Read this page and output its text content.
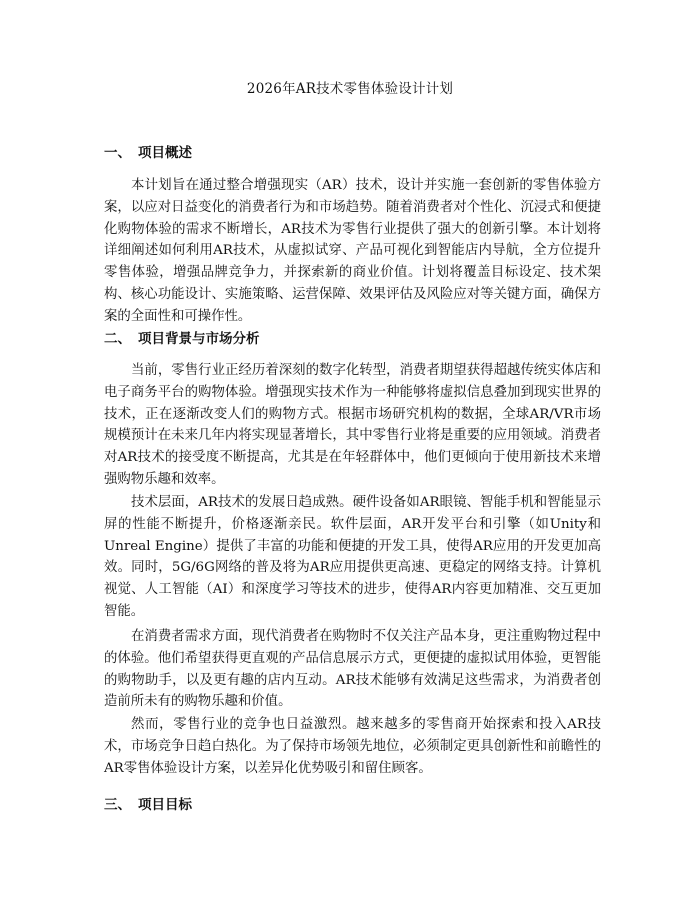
2026年AR技术零售体验设计计划
一、 项目概述

本计划旨在通过整合增强现实（AR）技术，设计并实施一套创新的零售体验方案，以应对日益变化的消费者行为和市场趋势。随着消费者对个性化、沉浸式和便捷化购物体验的需求不断增长，AR技术为零售行业提供了强大的创新引擎。本计划将详细阐述如何利用AR技术，从虚拟试穿、产品可视化到智能店内导航，全方位提升零售体验，增强品牌竞争力，并探索新的商业价值。计划将覆盖目标设定、技术架构、核心功能设计、实施策略、运营保障、效果评估及风险应对等关键方面，确保方案的全面性和可操作性。

二、 项目背景与市场分析

当前，零售行业正经历着深刻的数字化转型，消费者期望获得超越传统实体店和电子商务平台的购物体验。增强现实技术作为一种能够将虚拟信息叠加到现实世界的技术，正在逐渐改变人们的购物方式。根据市场研究机构的数据，全球AR/VR市场规模预计在未来几年内将实现显著增长，其中零售行业将是重要的应用领域。消费者对AR技术的接受度不断提高，尤其是在年轻群体中，他们更倾向于使用新技术来增强购物乐趣和效率。

技术层面，AR技术的发展日趋成熟。硬件设备如AR眼镜、智能手机和智能显示屏的性能不断提升，价格逐渐亲民。软件层面，AR开发平台和引擎（如Unity和Unreal Engine）提供了丰富的功能和便捷的开发工具，使得AR应用的开发更加高效。同时，5G/6G网络的普及将为AR应用提供更高速、更稳定的网络支持。计算机视觉、人工智能（AI）和深度学习等技术的进步，使得AR内容更加精准、交互更加智能。

在消费者需求方面，现代消费者在购物时不仅关注产品本身，更注重购物过程中的体验。他们希望获得更直观的产品信息展示方式，更便捷的虚拟试用体验，更智能的购物助手，以及更有趣的店内互动。AR技术能够有效满足这些需求，为消费者创造前所未有的购物乐趣和价值。

然而，零售行业的竞争也日益激烈。越来越多的零售商开始探索和投入AR技术，市场竞争日趋白热化。为了保持市场领先地位，必须制定更具创新性和前瞻性的AR零售体验设计方案，以差异化优势吸引和留住顾客。

三、 项目目标
